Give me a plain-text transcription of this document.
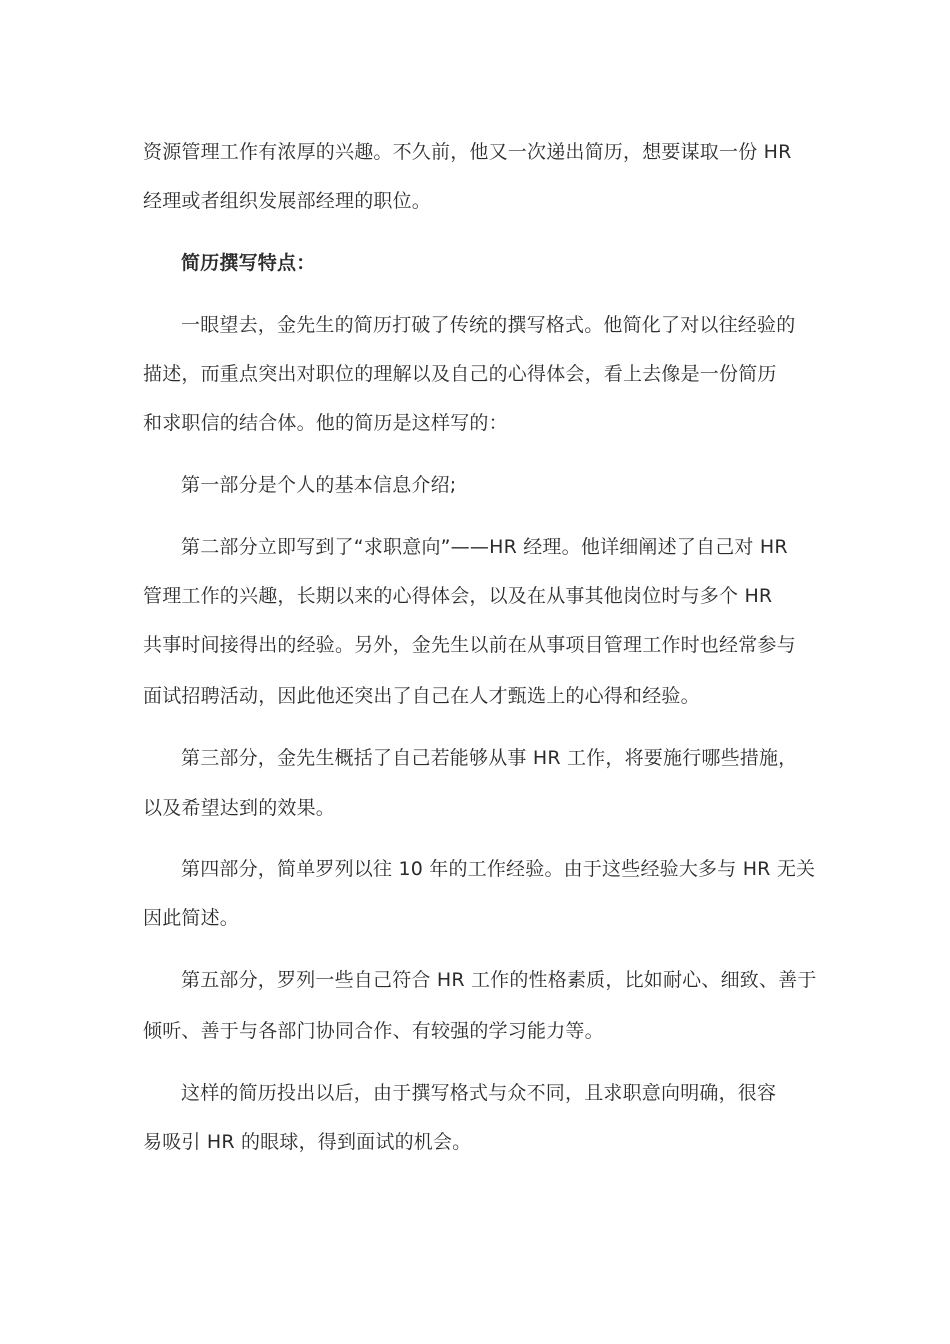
资源管理工作有浓厚的兴趣。不久前，他又一次递出简历，想要谋取一份 HR
经理或者组织发展部经理的职位。
简历撰写特点：
一眼望去，金先生的简历打破了传统的撰写格式。他简化了对以往经验的
描述，而重点突出对职位的理解以及自己的心得体会，看上去像是一份简历
和求职信的结合体。他的简历是这样写的：
第一部分是个人的基本信息介绍;
第二部分立即写到了“求职意向”——HR 经理。他详细阐述了自己对 HR
管理工作的兴趣，长期以来的心得体会，以及在从事其他岗位时与多个 HR
共事时间接得出的经验。另外，金先生以前在从事项目管理工作时也经常参与
面试招聘活动，因此他还突出了自己在人才甄选上的心得和经验。
第三部分，金先生概括了自己若能够从事 HR 工作，将要施行哪些措施，
以及希望达到的效果。
第四部分，简单罗列以往 10 年的工作经验。由于这些经验大多与 HR 无关
因此简述。
第五部分，罗列一些自己符合 HR 工作的性格素质，比如耐心、细致、善于
倾听、善于与各部门协同合作、有较强的学习能力等。
这样的简历投出以后，由于撰写格式与众不同，且求职意向明确，很容
易吸引 HR 的眼球，得到面试的机会。
